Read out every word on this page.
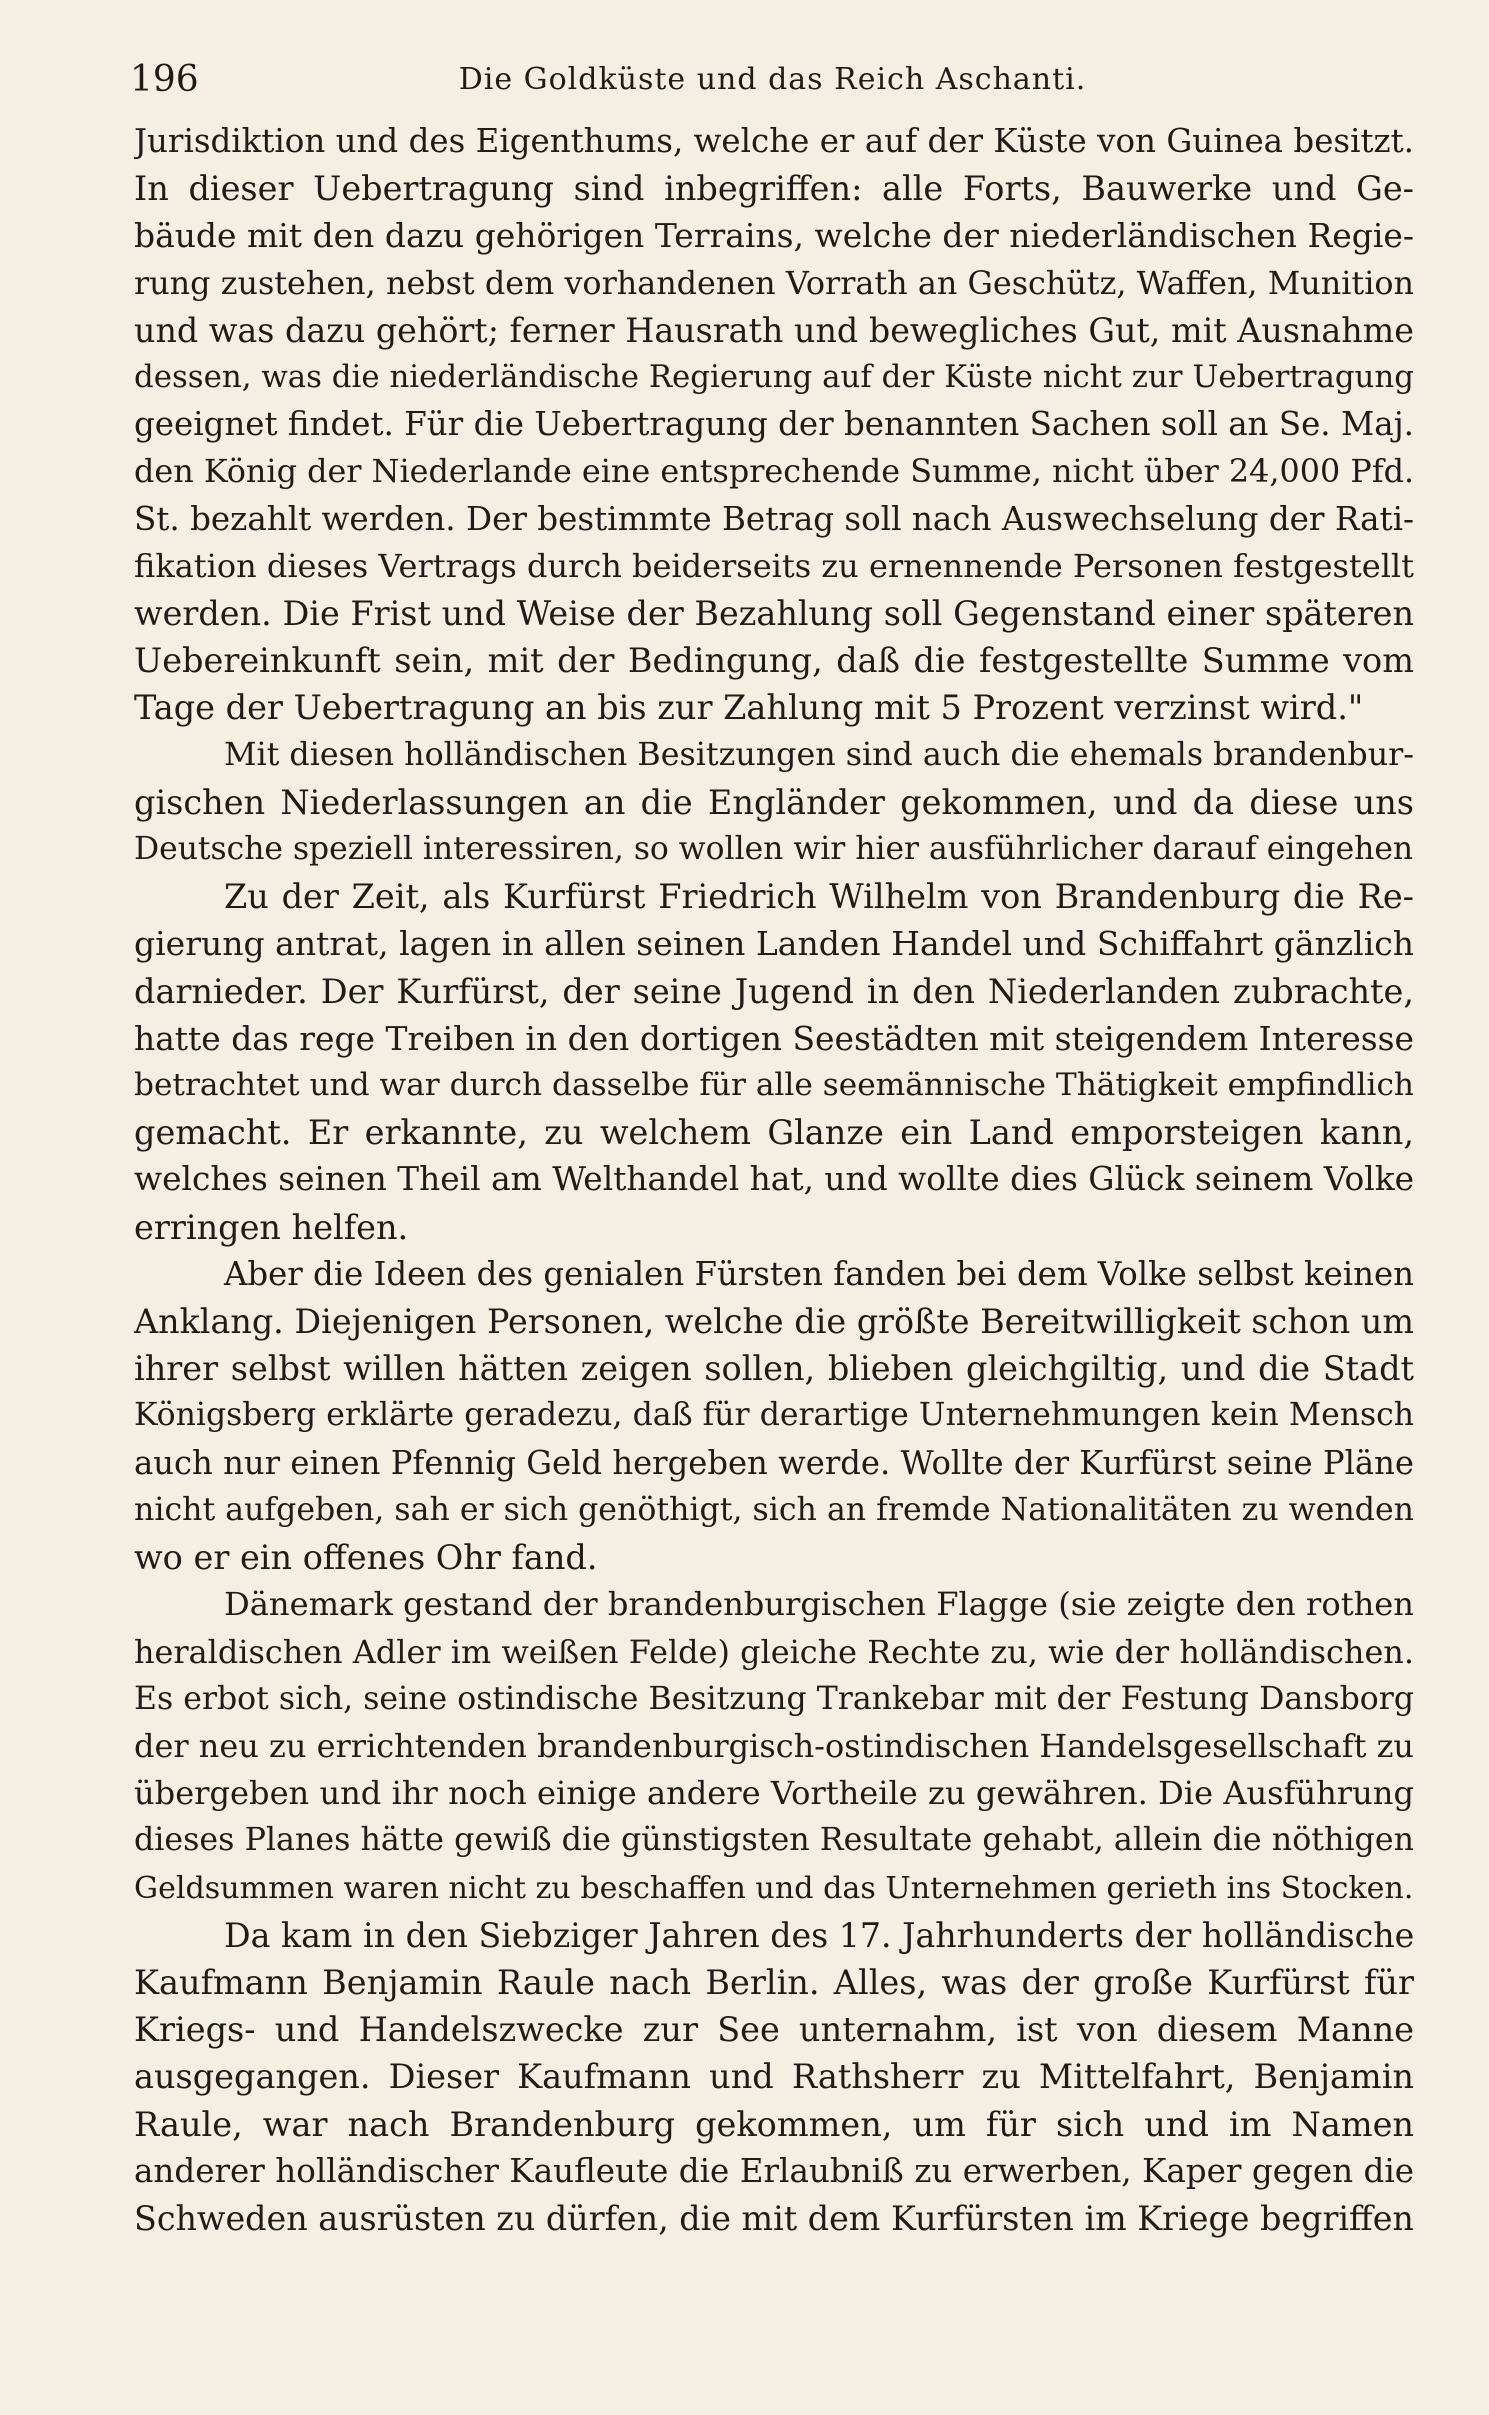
196	Die Goldküste und das Reich Aschanti.
Jurisdiktion und des Eigenthums, welche er auf der Küste von Guinea besitzt.
In dieser Uebertragung sind inbegriffen: alle Forts, Bauwerke und Ge-
bäude mit den dazu gehörigen Terrains, welche der niederländischen Regie-
rung zustehen, nebst dem vorhandenen Vorrath an Geschütz, Waffen, Munition
und was dazu gehört; ferner Hausrath und bewegliches Gut, mit Ausnahme
dessen, was die niederländische Regierung auf der Küste nicht zur Uebertragung
geeignet findet. Für die Uebertragung der benannten Sachen soll an Se. Maj.
den König der Niederlande eine entsprechende Summe, nicht über 24,000 Pfd.
St. bezahlt werden. Der bestimmte Betrag soll nach Auswechselung der Rati-
fikation dieses Vertrags durch beiderseits zu ernennende Personen festgestellt
werden. Die Frist und Weise der Bezahlung soll Gegenstand einer späteren
Uebereinkunft sein, mit der Bedingung, daß die festgestellte Summe vom
Tage der Uebertragung an bis zur Zahlung mit 5 Prozent verzinst wird."
Mit diesen holländischen Besitzungen sind auch die ehemals brandenbur-
gischen Niederlassungen an die Engländer gekommen, und da diese uns
Deutsche speziell interessiren, so wollen wir hier ausführlicher darauf eingehen
Zu der Zeit, als Kurfürst Friedrich Wilhelm von Brandenburg die Re-
gierung antrat, lagen in allen seinen Landen Handel und Schiffahrt gänzlich
darnieder. Der Kurfürst, der seine Jugend in den Niederlanden zubrachte,
hatte das rege Treiben in den dortigen Seestädten mit steigendem Interesse
betrachtet und war durch dasselbe für alle seemännische Thätigkeit empfindlich
gemacht. Er erkannte, zu welchem Glanze ein Land emporsteigen kann,
welches seinen Theil am Welthandel hat, und wollte dies Glück seinem Volke
erringen helfen.
Aber die Ideen des genialen Fürsten fanden bei dem Volke selbst keinen
Anklang. Diejenigen Personen, welche die größte Bereitwilligkeit schon um
ihrer selbst willen hätten zeigen sollen, blieben gleichgiltig, und die Stadt
Königsberg erklärte geradezu, daß für derartige Unternehmungen kein Mensch
auch nur einen Pfennig Geld hergeben werde. Wollte der Kurfürst seine Pläne
nicht aufgeben, sah er sich genöthigt, sich an fremde Nationalitäten zu wenden
wo er ein offenes Ohr fand.
Dänemark gestand der brandenburgischen Flagge (sie zeigte den rothen
heraldischen Adler im weißen Felde) gleiche Rechte zu, wie der holländischen.
Es erbot sich, seine ostindische Besitzung Trankebar mit der Festung Dansborg
der neu zu errichtenden brandenburgisch-ostindischen Handelsgesellschaft zu
übergeben und ihr noch einige andere Vortheile zu gewähren. Die Ausführung
dieses Planes hätte gewiß die günstigsten Resultate gehabt, allein die nöthigen
Geldsummen waren nicht zu beschaffen und das Unternehmen gerieth ins Stocken.
Da kam in den Siebziger Jahren des 17. Jahrhunderts der holländische
Kaufmann Benjamin Raule nach Berlin. Alles, was der große Kurfürst für
Kriegs- und Handelszwecke zur See unternahm, ist von diesem Manne
ausgegangen. Dieser Kaufmann und Rathsherr zu Mittelfahrt, Benjamin
Raule, war nach Brandenburg gekommen, um für sich und im Namen
anderer holländischer Kaufleute die Erlaubniß zu erwerben, Kaper gegen die
Schweden ausrüsten zu dürfen, die mit dem Kurfürsten im Kriege begriffen
